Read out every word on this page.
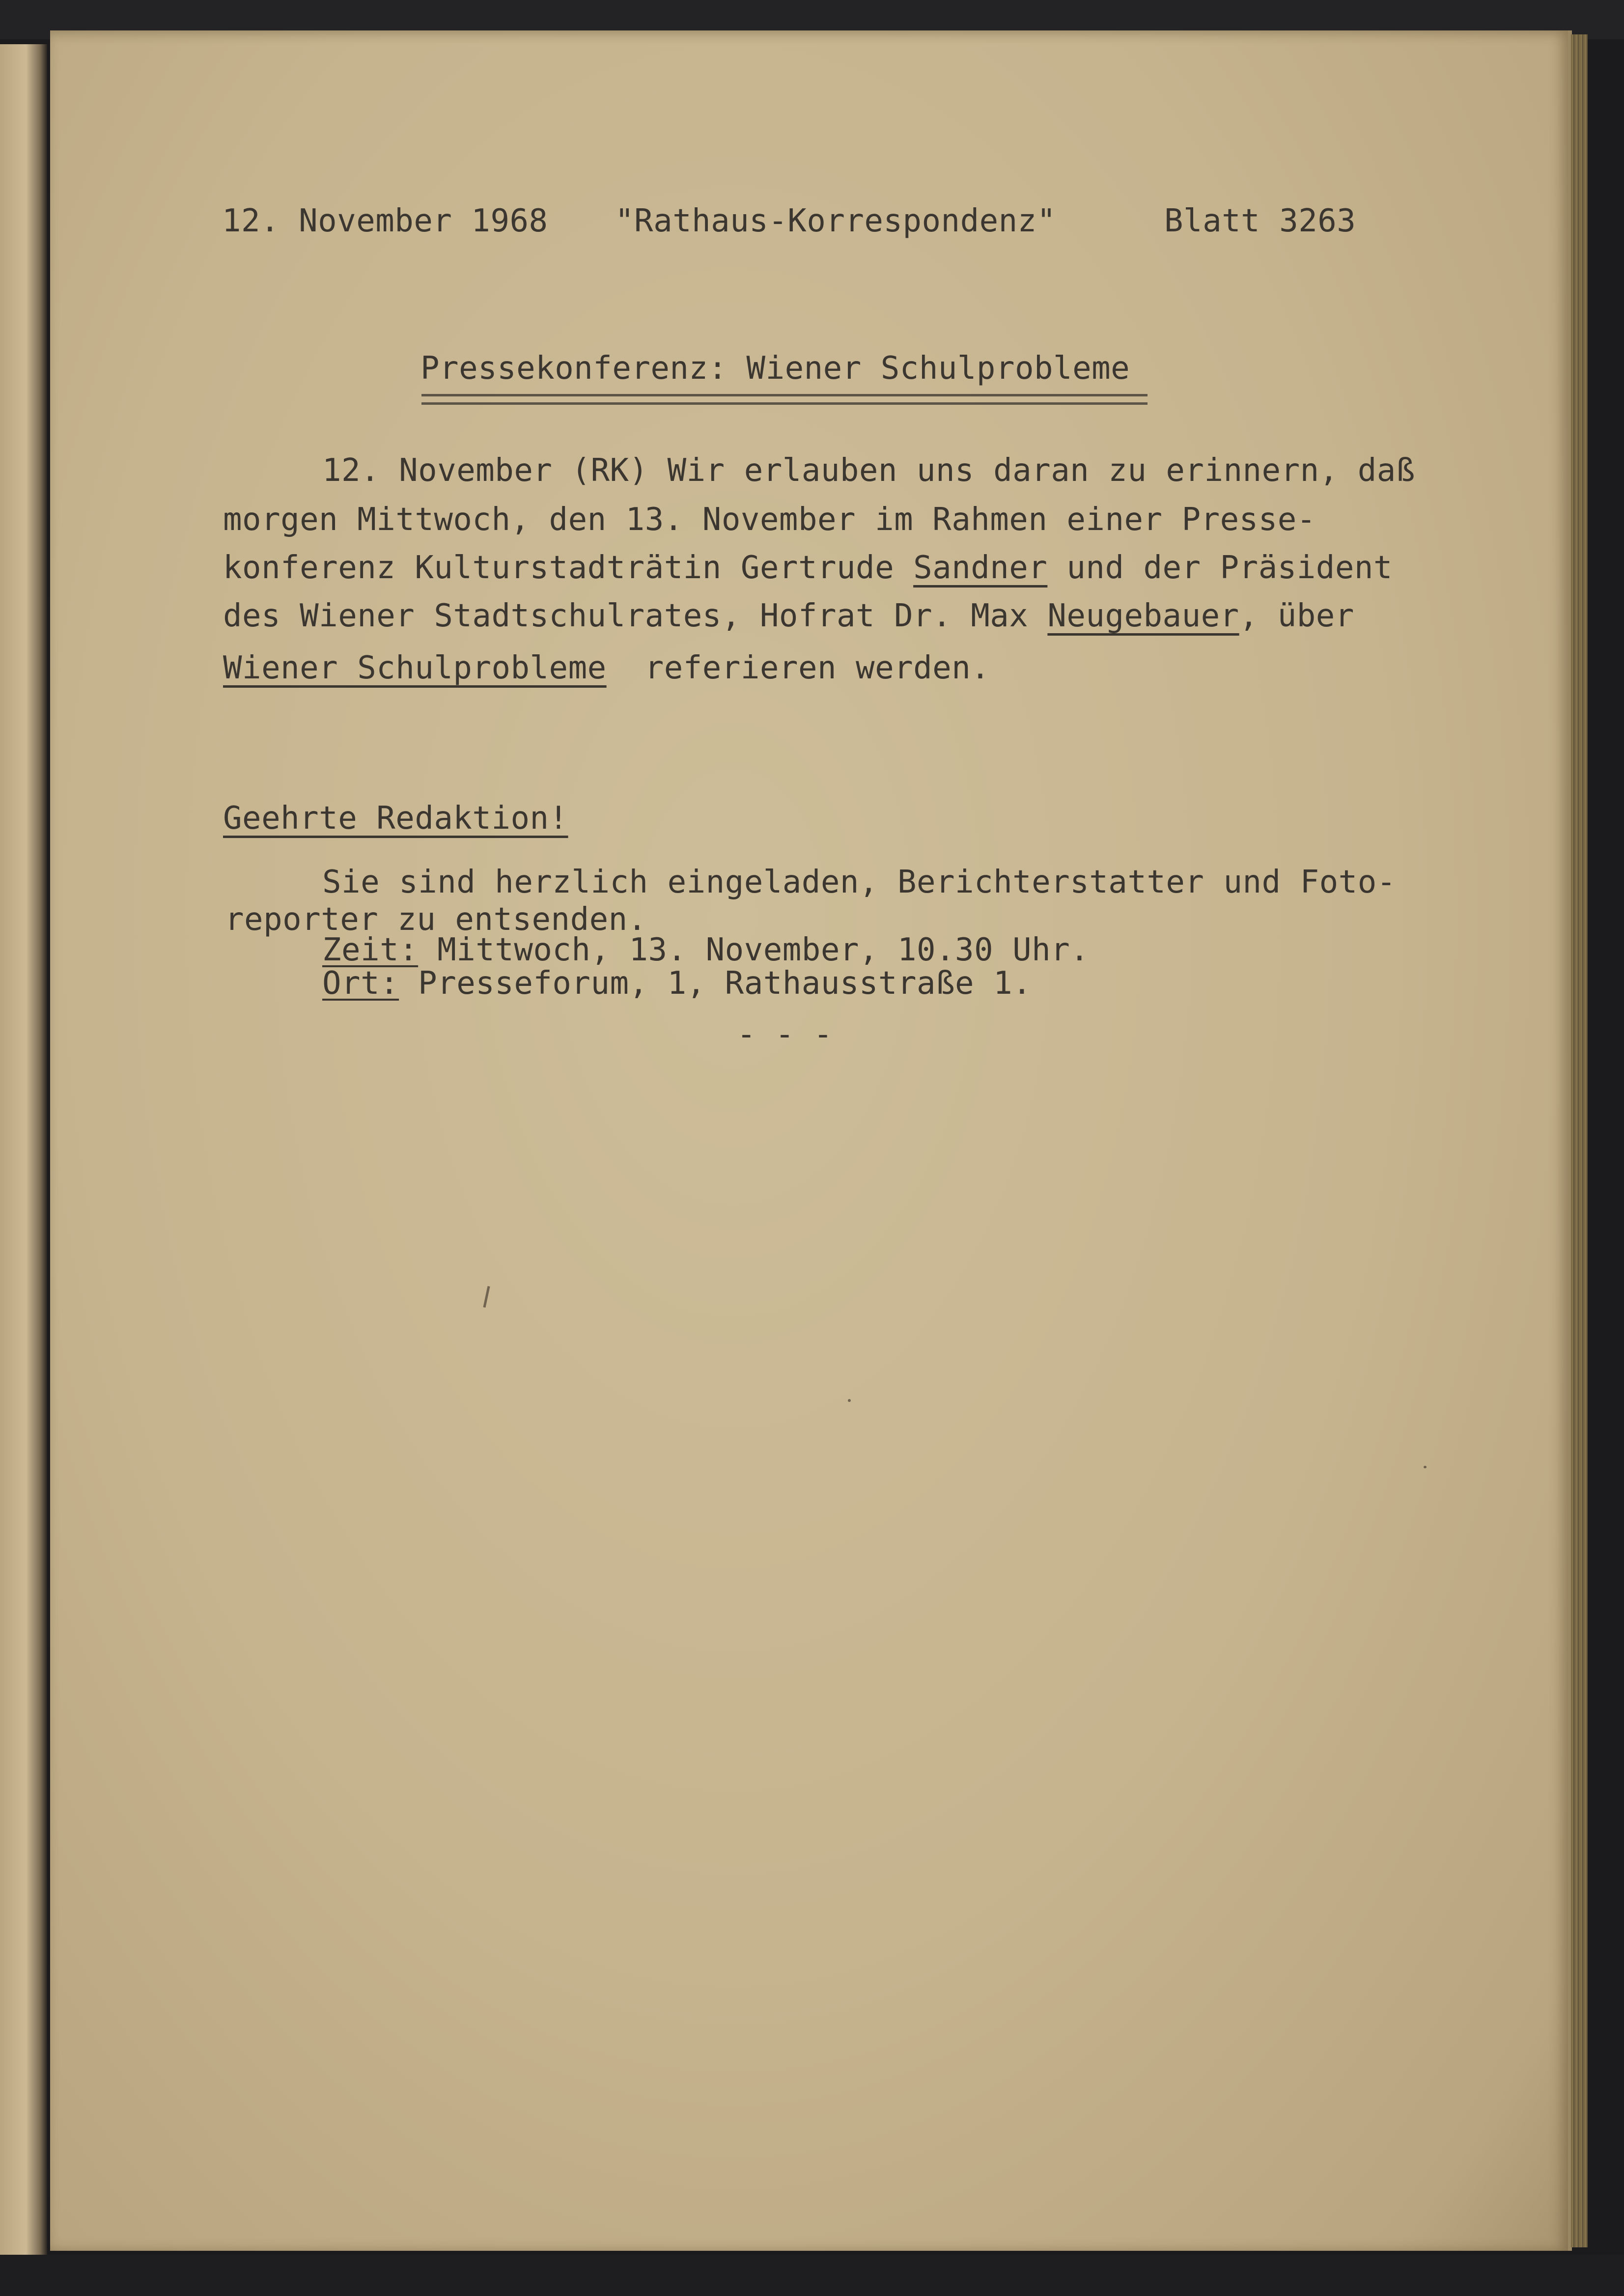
12. November 1968 "Rathaus-Korrespondenz"	Blatt 3263
Pressekonferenz: Wiener Schulprobleme
12. November (RK) Wir erlauben uns daran zu erinnern, daß
morgen Mittwoch, den 13. November im Rahmen einer Presse-
konferenz Kulturstadträtin Gertrude Sandner und der Präsident
des Wiener Stadtschulrates, Hofrat Dr. Max Neugebauer, über
Wiener Schulprobleme  referieren werden.
Geehrte Redaktion!
Sie sind herzlich eingeladen, Berichterstatter und Foto-
reporter zu entsenden.
Zeit: Mittwoch, 13. November, 10.30 Uhr.
Ort: Presseforum, 1, Rathausstraße 1.
- - -
